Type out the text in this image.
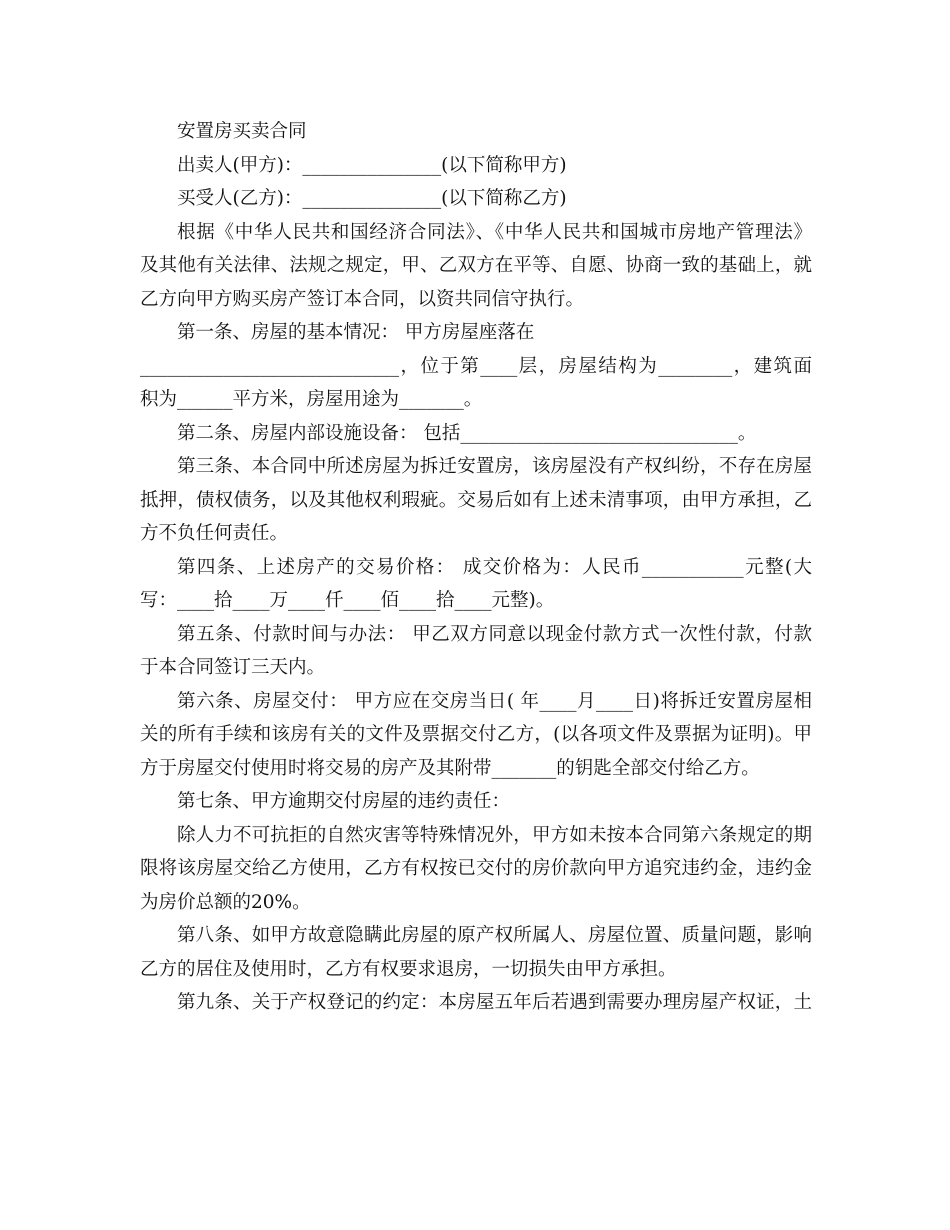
安置房买卖合同
出卖人(甲方)：_______________(以下简称甲方)
买受人(乙方)：_______________(以下简称乙方)
根据《中华人民共和国经济合同法》、《中华人民共和国城市房地产管理法》
及其他有关法律、法规之规定，甲、乙双方在平等、自愿、协商一致的基础上，就
乙方向甲方购买房产签订本合同，以资共同信守执行。
第一条、房屋的基本情况： 甲方房屋座落在
____________________________，位于第____层，房屋结构为________，建筑面
积为______平方米，房屋用途为_______。
第二条、房屋内部设施设备： 包括______________________________。
第三条、本合同中所述房屋为拆迁安置房，该房屋没有产权纠纷，不存在房屋
抵押，债权债务，以及其他权利瑕疵。交易后如有上述未清事项，由甲方承担，乙
方不负任何责任。
第四条、上述房产的交易价格： 成交价格为：人民币___________元整(大
写：____拾____万____仟____佰____拾____元整)。
第五条、付款时间与办法： 甲乙双方同意以现金付款方式一次性付款，付款
于本合同签订三天内。
第六条、房屋交付： 甲方应在交房当日( 年____月____日)将拆迁安置房屋相
关的所有手续和该房有关的文件及票据交付乙方，(以各项文件及票据为证明)。甲
方于房屋交付使用时将交易的房产及其附带_______的钥匙全部交付给乙方。
第七条、甲方逾期交付房屋的违约责任：
除人力不可抗拒的自然灾害等特殊情况外，甲方如未按本合同第六条规定的期
限将该房屋交给乙方使用，乙方有权按已交付的房价款向甲方追究违约金，违约金
为房价总额的20%。
第八条、如甲方故意隐瞒此房屋的原产权所属人、房屋位置、质量问题，影响
乙方的居住及使用时，乙方有权要求退房，一切损失由甲方承担。
第九条、关于产权登记的约定：本房屋五年后若遇到需要办理房屋产权证，土
